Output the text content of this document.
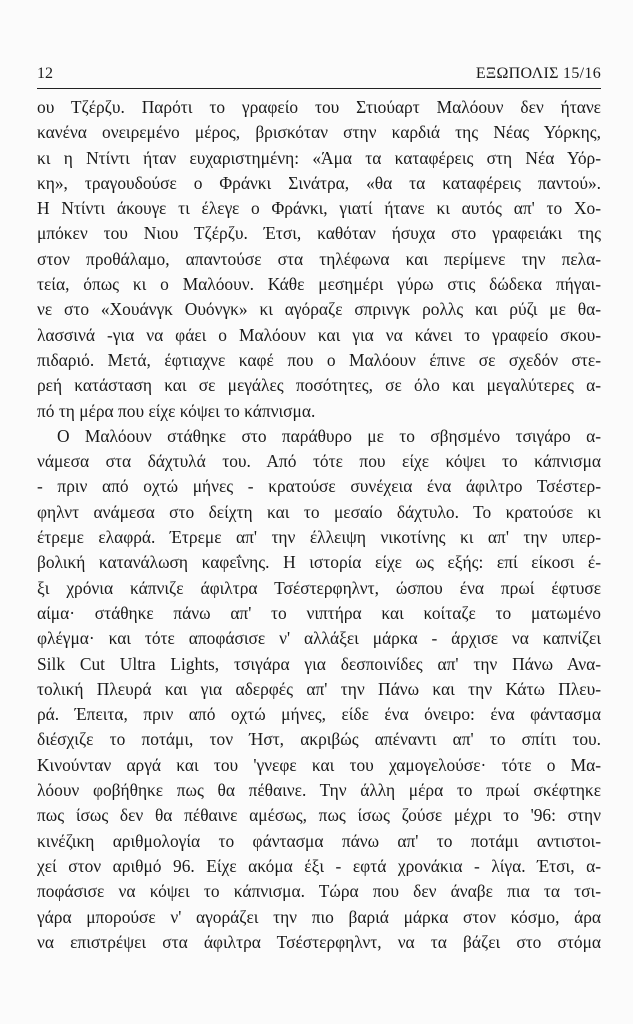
12	ΕΞΩΠΟΛΙΣ 15/16
ου Τζέρζυ. Παρότι το γραφείο του Στιούαρτ Μαλόουν δεν ήτανε
κανένα ονειρεμένο μέρος, βρισκόταν στην καρδιά της Νέας Υόρκης,
κι η Ντίντι ήταν ευχαριστημένη: «Άμα τα καταφέρεις στη Νέα Υόρ-
κη», τραγουδούσε ο Φράνκι Σινάτρα, «θα τα καταφέρεις παντού».
Η Ντίντι άκουγε τι έλεγε ο Φράνκι, γιατί ήτανε κι αυτός απ' το Χο-
μπόκεν του Νιου Τζέρζυ. Έτσι, καθόταν ήσυχα στο γραφειάκι της
στον προθάλαμο, απαντούσε στα τηλέφωνα και περίμενε την πελα-
τεία, όπως κι ο Μαλόουν. Κάθε μεσημέρι γύρω στις δώδεκα πήγαι-
νε στο «Χουάνγκ Ουόνγκ» κι αγόραζε σπρινγκ ρολλς και ρύζι με θα-
λασσινά -για να φάει ο Μαλόουν και για να κάνει το γραφείο σκου-
πιδαριό. Μετά, έφτιαχνε καφέ που ο Μαλόουν έπινε σε σχεδόν στε-
ρεή κατάσταση και σε μεγάλες ποσότητες, σε όλο και μεγαλύτερες α-
πό τη μέρα που είχε κόψει το κάπνισμα.
Ο Μαλόουν στάθηκε στο παράθυρο με το σβησμένο τσιγάρο α-
νάμεσα στα δάχτυλά του. Από τότε που είχε κόψει το κάπνισμα
- πριν από οχτώ μήνες - κρατούσε συνέχεια ένα άφιλτρο Τσέστερ-
φηλντ ανάμεσα στο δείχτη και το μεσαίο δάχτυλο. Το κρατούσε κι
έτρεμε ελαφρά. Έτρεμε απ' την έλλειψη νικοτίνης κι απ' την υπερ-
βολική κατανάλωση καφεΐνης. Η ιστορία είχε ως εξής: επί είκοσι έ-
ξι χρόνια κάπνιζε άφιλτρα Τσέστερφηλντ, ώσπου ένα πρωί έφτυσε
αίμα· στάθηκε πάνω απ' το νιπτήρα και κοίταζε το ματωμένο
φλέγμα· και τότε αποφάσισε ν' αλλάξει μάρκα - άρχισε να καπνίζει
Silk Cut Ultra Lights, τσιγάρα για δεσποινίδες απ' την Πάνω Ανα-
τολική Πλευρά και για αδερφές απ' την Πάνω και την Κάτω Πλευ-
ρά. Έπειτα, πριν από οχτώ μήνες, είδε ένα όνειρο: ένα φάντασμα
διέσχιζε το ποτάμι, τον Ήστ, ακριβώς απέναντι απ' το σπίτι του.
Κινούνταν αργά και του 'γνεφε και του χαμογελούσε· τότε ο Μα-
λόουν φοβήθηκε πως θα πέθαινε. Την άλλη μέρα το πρωί σκέφτηκε
πως ίσως δεν θα πέθαινε αμέσως, πως ίσως ζούσε μέχρι το '96: στην
κινέζικη αριθμολογία το φάντασμα πάνω απ' το ποτάμι αντιστοι-
χεί στον αριθμό 96. Είχε ακόμα έξι - εφτά χρονάκια - λίγα. Έτσι, α-
ποφάσισε να κόψει το κάπνισμα. Τώρα που δεν άναβε πια τα τσι-
γάρα μπορούσε ν' αγοράζει την πιο βαριά μάρκα στον κόσμο, άρα
να επιστρέψει στα άφιλτρα Τσέστερφηλντ, να τα βάζει στο στόμα
